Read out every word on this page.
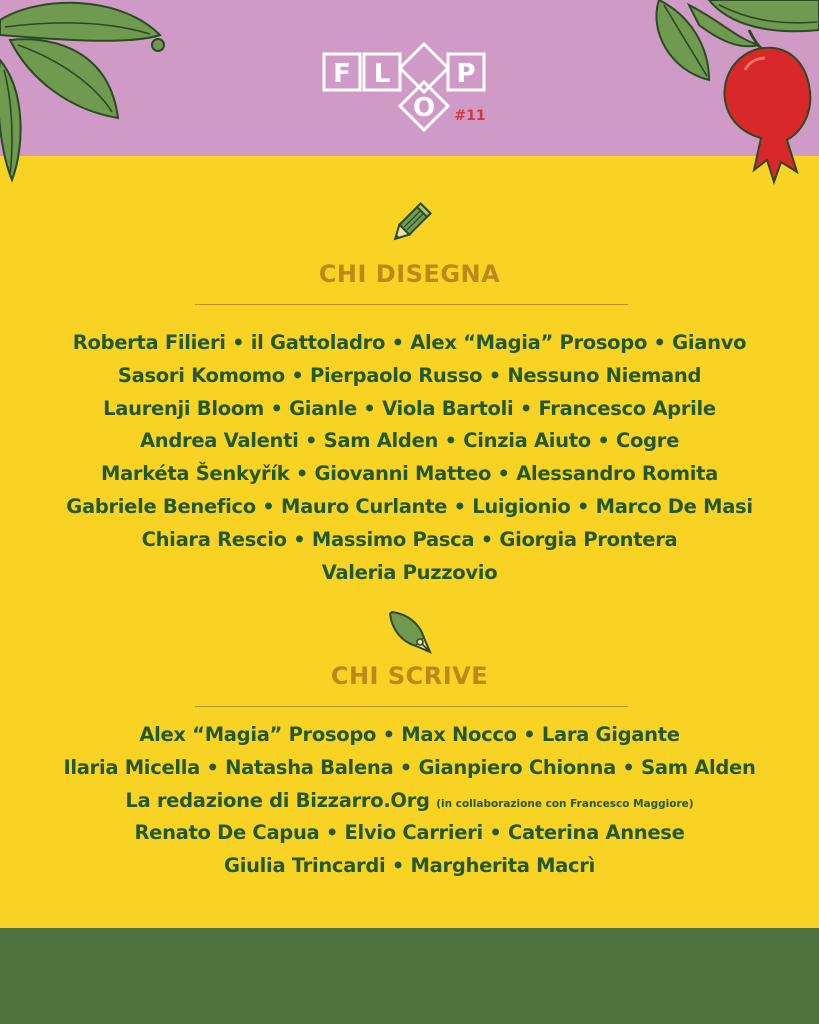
F L
O
P
#11
CHI DISEGNA
Roberta Filieri • il Gattoladro • Alex “Magia” Prosopo • Gianvo
Sasori Komomo • Pierpaolo Russo • Nessuno Niemand
Laurenji Bloom • Gianle • Viola Bartoli • Francesco Aprile
Andrea Valenti • Sam Alden • Cinzia Aiuto • Cogre
Markéta Šenkyřík • Giovanni Matteo • Alessandro Romita
Gabriele Benefico • Mauro Curlante • Luigionio • Marco De Masi
Chiara Rescio • Massimo Pasca • Giorgia Prontera
Valeria Puzzovio
CHI SCRIVE
Alex “Magia” Prosopo • Max Nocco • Lara Gigante
Ilaria Micella • Natasha Balena • Gianpiero Chionna • Sam Alden
La redazione di Bizzarro.Org (in collaborazione con Francesco Maggiore)
Renato De Capua • Elvio Carrieri • Caterina Annese
Giulia Trincardi • Margherita Macrì
